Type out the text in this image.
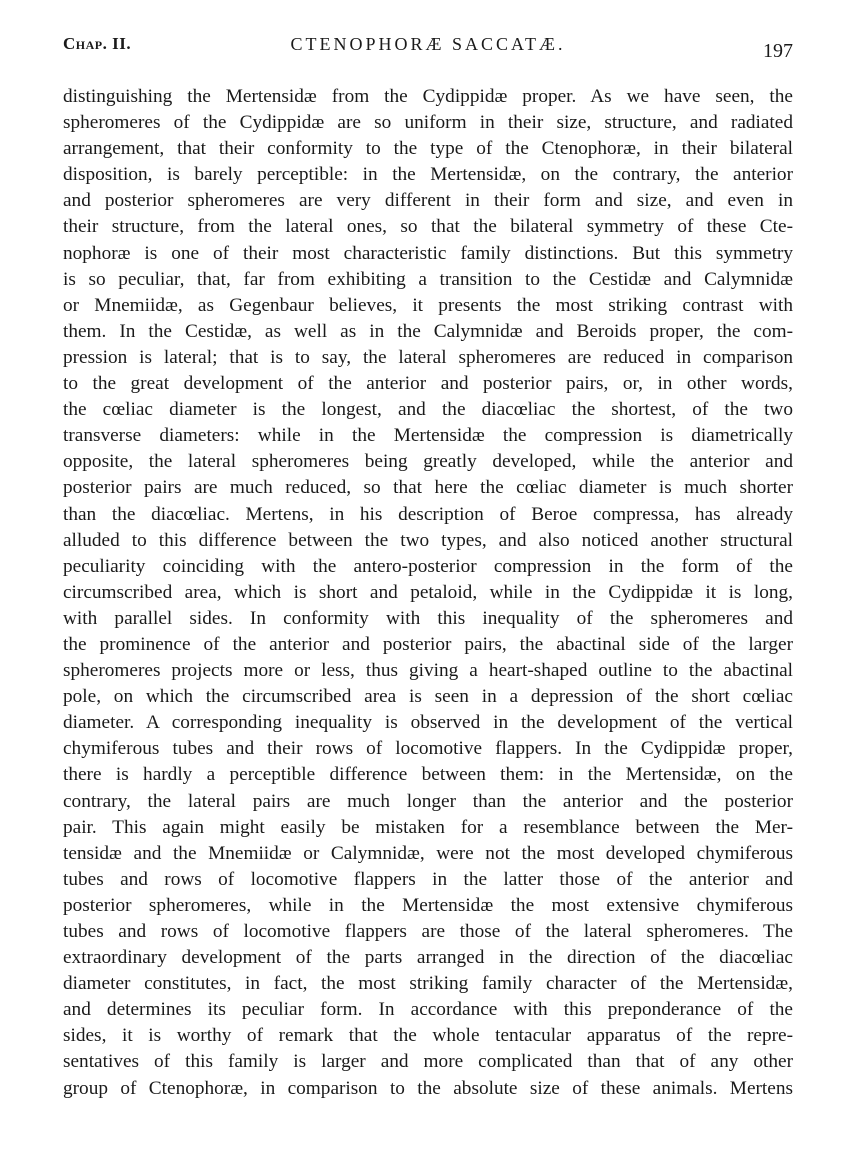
Chap. II.	CTENOPHORÆ SACCATÆ.	197
distinguishing the Mertensidæ from the Cydippidæ proper. As we have seen, the
spheromeres of the Cydippidæ are so uniform in their size, structure, and radiated
arrangement, that their conformity to the type of the Ctenophoræ, in their bilateral
disposition, is barely perceptible: in the Mertensidæ, on the contrary, the anterior
and posterior spheromeres are very different in their form and size, and even in
their structure, from the lateral ones, so that the bilateral symmetry of these Cte-
nophoræ is one of their most characteristic family distinctions. But this symmetry
is so peculiar, that, far from exhibiting a transition to the Cestidæ and Calymnidæ
or Mnemiidæ, as Gegenbaur believes, it presents the most striking contrast with
them. In the Cestidæ, as well as in the Calymnidæ and Beroids proper, the com-
pression is lateral; that is to say, the lateral spheromeres are reduced in comparison
to the great development of the anterior and posterior pairs, or, in other words,
the cœliac diameter is the longest, and the diacœliac the shortest, of the two
transverse diameters: while in the Mertensidæ the compression is diametrically
opposite, the lateral spheromeres being greatly developed, while the anterior and
posterior pairs are much reduced, so that here the cœliac diameter is much shorter
than the diacœliac. Mertens, in his description of Beroe compressa, has already
alluded to this difference between the two types, and also noticed another structural
peculiarity coinciding with the antero-posterior compression in the form of the
circumscribed area, which is short and petaloid, while in the Cydippidæ it is long,
with parallel sides. In conformity with this inequality of the spheromeres and
the prominence of the anterior and posterior pairs, the abactinal side of the larger
spheromeres projects more or less, thus giving a heart-shaped outline to the abactinal
pole, on which the circumscribed area is seen in a depression of the short cœliac
diameter. A corresponding inequality is observed in the development of the vertical
chymiferous tubes and their rows of locomotive flappers. In the Cydippidæ proper,
there is hardly a perceptible difference between them: in the Mertensidæ, on the
contrary, the lateral pairs are much longer than the anterior and the posterior
pair. This again might easily be mistaken for a resemblance between the Mer-
tensidæ and the Mnemiidæ or Calymnidæ, were not the most developed chymiferous
tubes and rows of locomotive flappers in the latter those of the anterior and
posterior spheromeres, while in the Mertensidæ the most extensive chymiferous
tubes and rows of locomotive flappers are those of the lateral spheromeres. The
extraordinary development of the parts arranged in the direction of the diacœliac
diameter constitutes, in fact, the most striking family character of the Mertensidæ,
and determines its peculiar form. In accordance with this preponderance of the
sides, it is worthy of remark that the whole tentacular apparatus of the repre-
sentatives of this family is larger and more complicated than that of any other
group of Ctenophoræ, in comparison to the absolute size of these animals. Mertens
